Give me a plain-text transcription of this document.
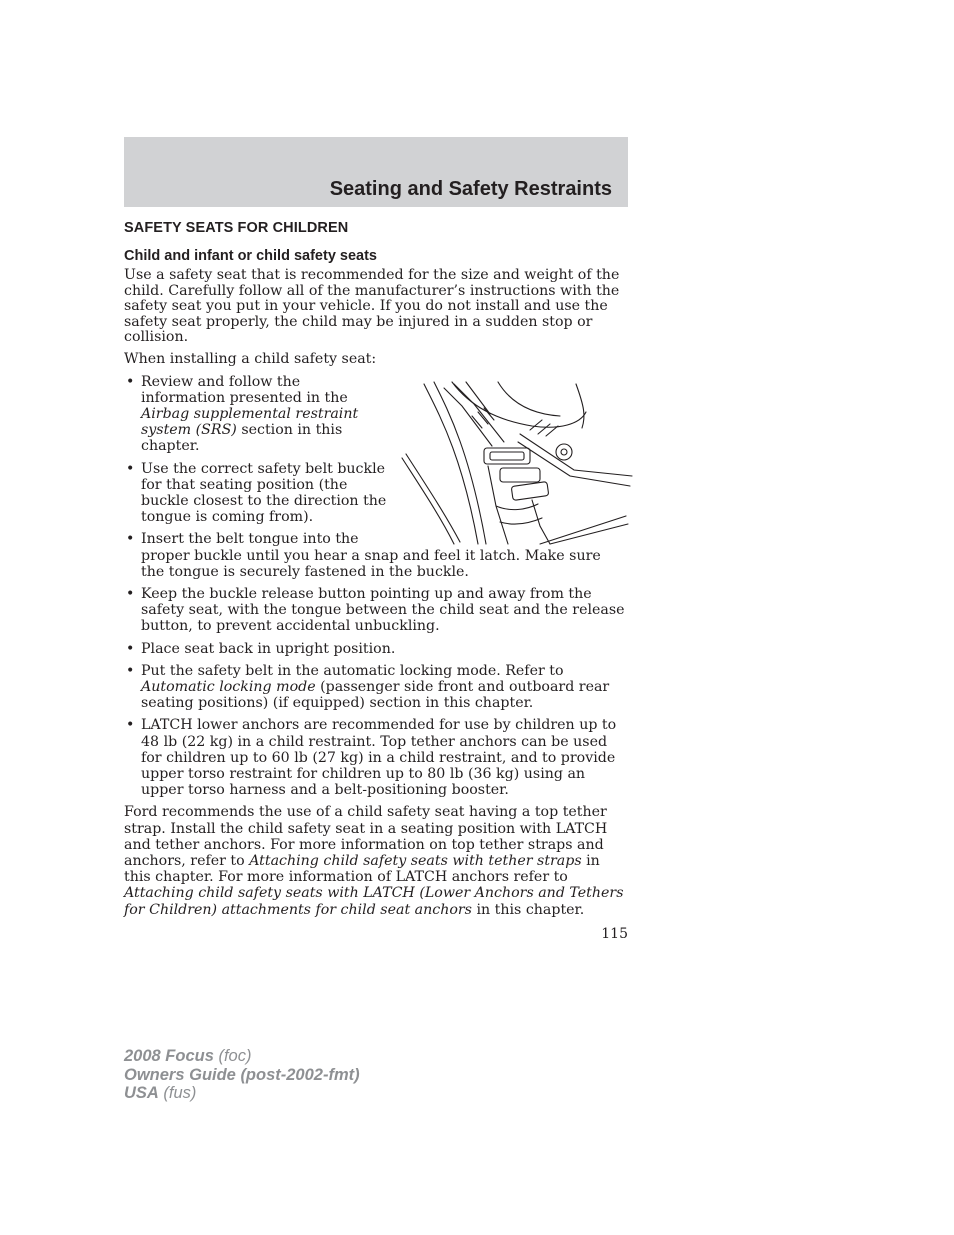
Seating and Safety Restraints
SAFETY SEATS FOR CHILDREN
Child and infant or child safety seats

Use a safety seat that is recommended for the size and weight of the child. Carefully follow all of the manufacturer’s instructions with the safety seat you put in your vehicle. If you do not install and use the safety seat properly, the child may be injured in a sudden stop or collision.

When installing a child safety seat:

• Review and follow the information presented in the Airbag supplemental restraint system (SRS) section in this chapter.
• Use the correct safety belt buckle for that seating position (the buckle closest to the direction the tongue is coming from).
• Insert the belt tongue into the proper buckle until you hear a snap and feel it latch. Make sure the tongue is securely fastened in the buckle.
• Keep the buckle release button pointing up and away from the safety seat, with the tongue between the child seat and the release button, to prevent accidental unbuckling.
• Place seat back in upright position.
• Put the safety belt in the automatic locking mode. Refer to Automatic locking mode (passenger side front and outboard rear seating positions) (if equipped) section in this chapter.
• LATCH lower anchors are recommended for use by children up to 48 lb (22 kg) in a child restraint. Top tether anchors can be used for children up to 60 lb (27 kg) in a child restraint, and to provide upper torso restraint for children up to 80 lb (36 kg) using an upper torso harness and a belt-positioning booster.

Ford recommends the use of a child safety seat having a top tether strap. Install the child safety seat in a seating position with LATCH and tether anchors. For more information on top tether straps and anchors, refer to Attaching child safety seats with tether straps in this chapter. For more information of LATCH anchors refer to Attaching child safety seats with LATCH (Lower Anchors and Tethers for Children) attachments for child seat anchors in this chapter.

115
2008 Focus (foc)
Owners Guide (post-2002-fmt)
USA (fus)
